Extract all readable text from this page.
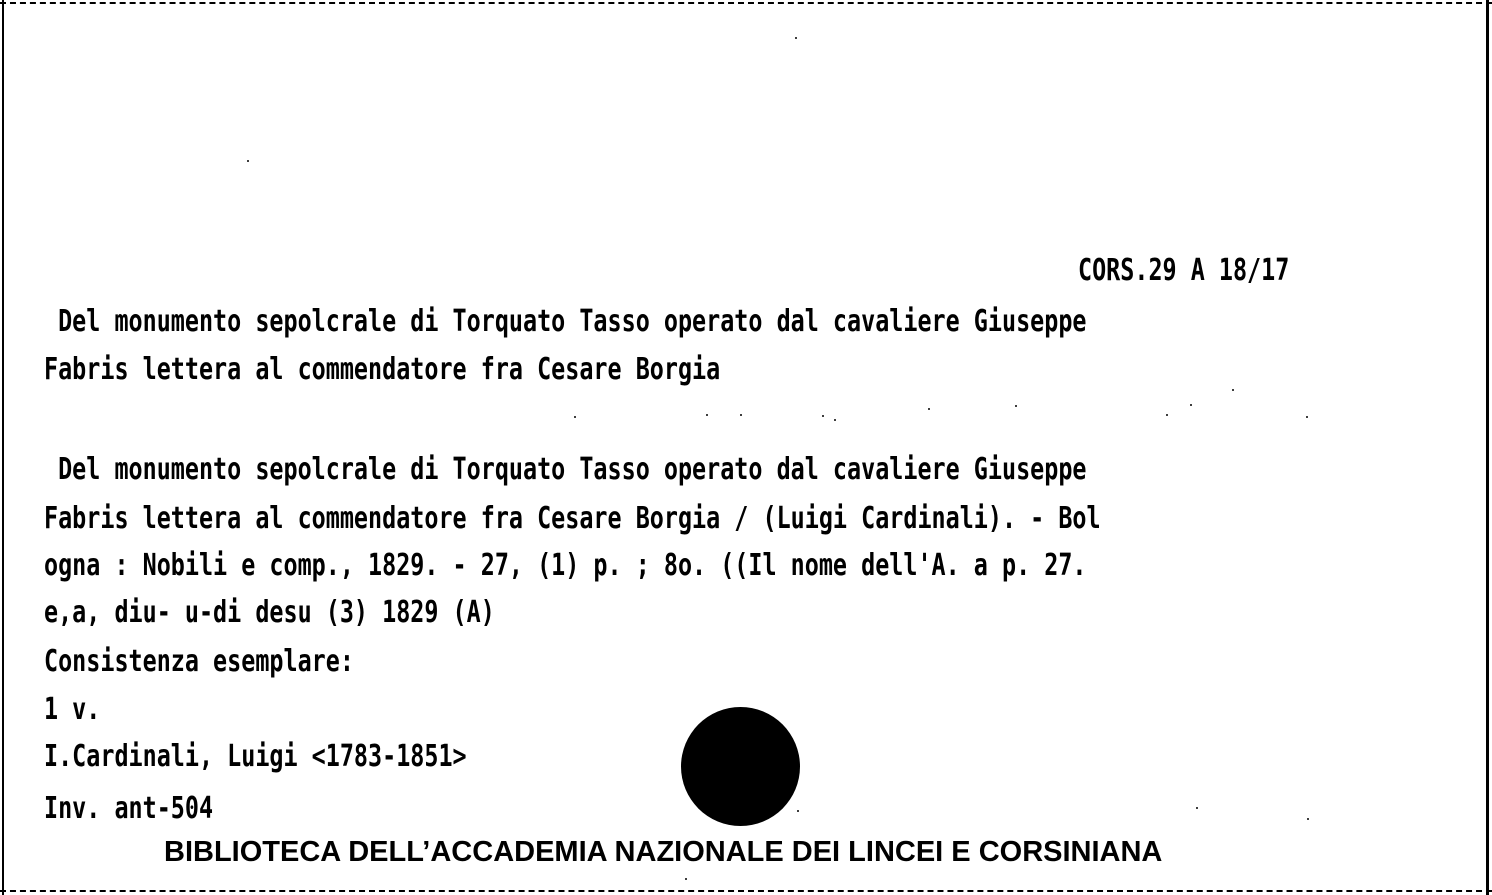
CORS.29 A 18/17
Del monumento sepolcrale di Torquato Tasso operato dal cavaliere Giuseppe
Fabris lettera al commendatore fra Cesare Borgia
Del monumento sepolcrale di Torquato Tasso operato dal cavaliere Giuseppe
Fabris lettera al commendatore fra Cesare Borgia / (Luigi Cardinali). - Bol
ogna : Nobili e comp., 1829. - 27, (1) p. ; 8o. ((Il nome dell'A. a p. 27.
e,a, diu- u-di desu (3) 1829 (A)
Consistenza esemplare:
1 v.
I.Cardinali, Luigi <1783-1851>
Inv. ant-504
BIBLIOTECA DELL’ACCADEMIA NAZIONALE DEI LINCEI E CORSINIANA
